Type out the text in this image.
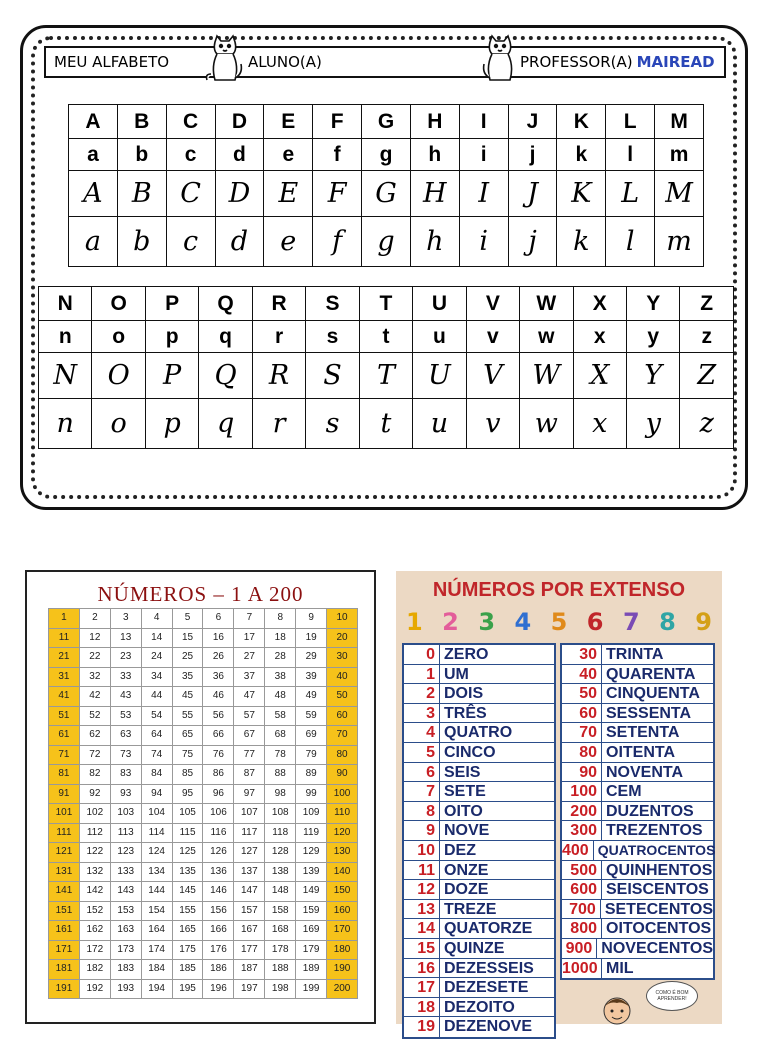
MEU ALFABETO	ALUNO(A)	PROFESSOR(A) MAIREAD
A	B	C	D	E	F	G	H	I	J	K	L	M
a	b	c	d	e	f	g	h	i	j	k	l	m
A	B	C	D	E	F	G	H	I	J	K	L	M
a	b	c	d	e	f	g	h	i	j	k	l	m
N	O	P	Q	R	S	T	U	V	W	X	Y	Z
n	o	p	q	r	s	t	u	v	w	x	y	z
N	O	P	Q	R	S	T	U	V	W	X	Y	Z
n	o	p	q	r	s	t	u	v	w	x	y	z
NÚMEROS – 1 A 200
1	2	3	4	5	6	7	8	9	10
11	12	13	14	15	16	17	18	19	20
21	22	23	24	25	26	27	28	29	30
31	32	33	34	35	36	37	38	39	40
41	42	43	44	45	46	47	48	49	50
51	52	53	54	55	56	57	58	59	60
61	62	63	64	65	66	67	68	69	70
71	72	73	74	75	76	77	78	79	80
81	82	83	84	85	86	87	88	89	90
91	92	93	94	95	96	97	98	99	100
101	102	103	104	105	106	107	108	109	110
111	112	113	114	115	116	117	118	119	120
121	122	123	124	125	126	127	128	129	130
131	132	133	134	135	136	137	138	139	140
141	142	143	144	145	146	147	148	149	150
151	152	153	154	155	156	157	158	159	160
161	162	163	164	165	166	167	168	169	170
171	172	173	174	175	176	177	178	179	180
181	182	183	184	185	186	187	188	189	190
191	192	193	194	195	196	197	198	199	200
NÚMEROS POR EXTENSO
1 2 3 4 5 6 7 8 9
0 ZERO
1 UM
2 DOIS
3 TRÊS
4 QUATRO
5 CINCO
6 SEIS
7 SETE
8 OITO
9 NOVE
10 DEZ
11 ONZE
12 DOZE
13 TREZE
14 QUATORZE
15 QUINZE
16 DEZESSEIS
17 DEZESETE
18 DEZOITO
19 DEZENOVE
30 TRINTA
40 QUARENTA
50 CINQUENTA
60 SESSENTA
70 SETENTA
80 OITENTA
90 NOVENTA
100 CEM
200 DUZENTOS
300 TREZENTOS
400 QUATROCENTOS
500 QUINHENTOS
600 SEISCENTOS
700 SETECENTOS
800 OITOCENTOS
900 NOVECENTOS
1000 MIL
COMO É BOM APRENDER!
